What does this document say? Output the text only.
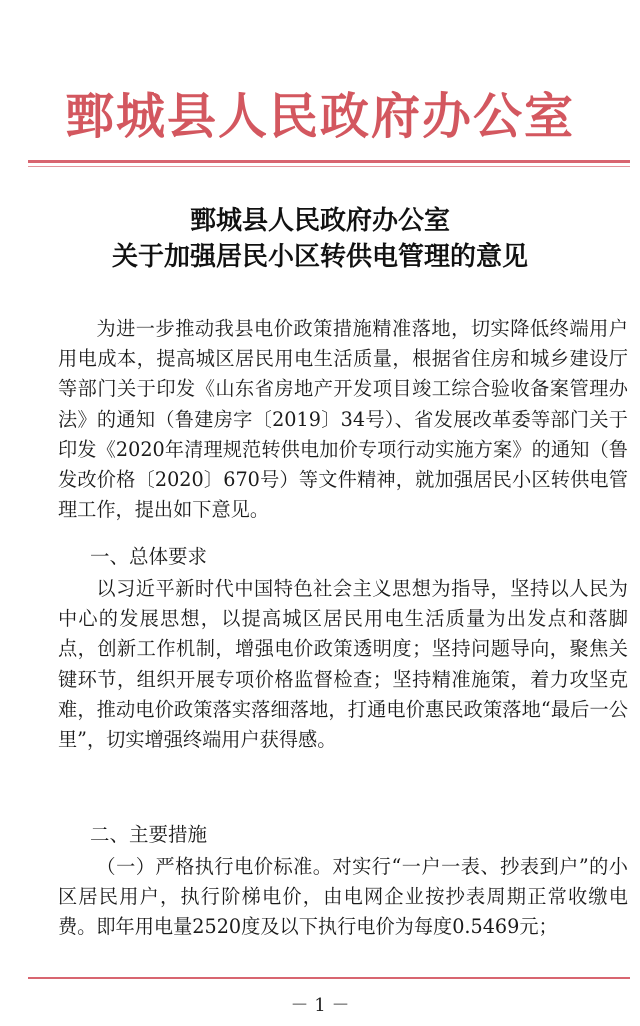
鄄城县人民政府办公室
鄄城县人民政府办公室
关于加强居民小区转供电管理的意见

为进一步推动我县电价政策措施精准落地，切实降低终端用户用电成本，提高城区居民用电生活质量，根据省住房和城乡建设厅等部门关于印发《山东省房地产开发项目竣工综合验收备案管理办法》的通知（鲁建房字〔2019〕34号）、省发展改革委等部门关于印发《2020年清理规范转供电加价专项行动实施方案》的通知（鲁发改价格〔2020〕670号）等文件精神，就加强居民小区转供电管理工作，提出如下意见。

一、总体要求

以习近平新时代中国特色社会主义思想为指导，坚持以人民为中心的发展思想，以提高城区居民用电生活质量为出发点和落脚点，创新工作机制，增强电价政策透明度；坚持问题导向，聚焦关键环节，组织开展专项价格监督检查；坚持精准施策，着力攻坚克难，推动电价政策落实落细落地，打通电价惠民政策落地“最后一公里”，切实增强终端用户获得感。

二、主要措施

（一）严格执行电价标准。对实行“一户一表、抄表到户”的小区居民用户，执行阶梯电价，由电网企业按抄表周期正常收缴电费。即年用电量2520度及以下执行电价为每度0.5469元；

－ 1 －
